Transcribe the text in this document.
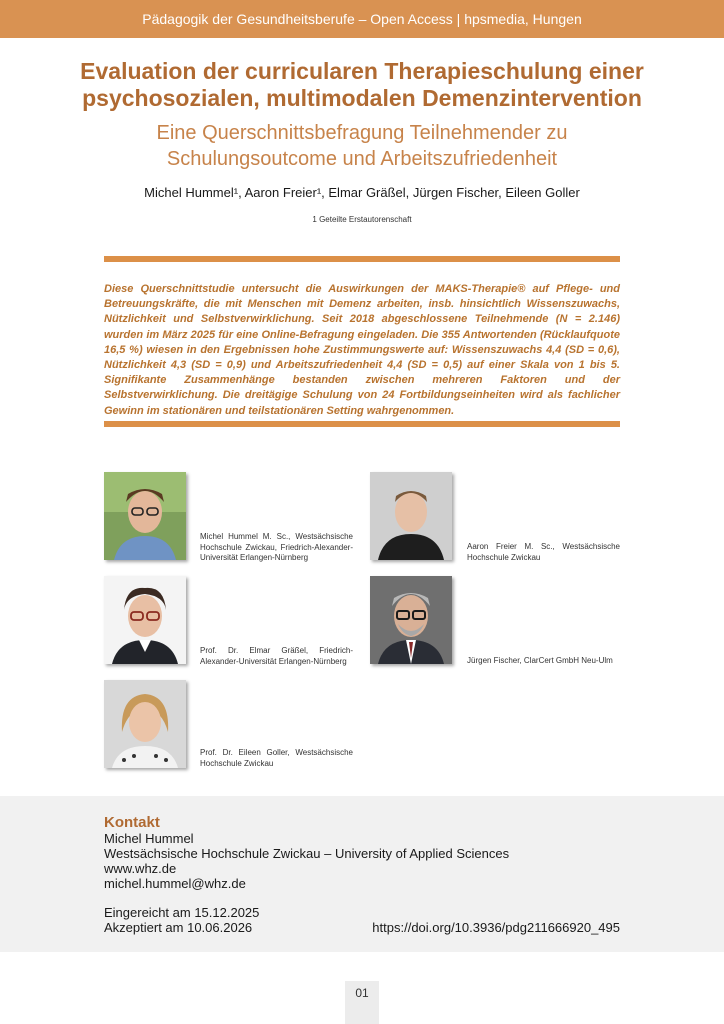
Pädagogik der Gesundheitsberufe – Open Access | hpsmedia, Hungen
Evaluation der curricularen Therapieschulung einer
psychosozialen, multimodalen Demenzintervention
Eine Querschnittsbefragung Teilnehmender zu
Schulungsoutcome und Arbeitszufriedenheit
Michel Hummel¹, Aaron Freier¹, Elmar Gräßel, Jürgen Fischer, Eileen Goller
1 Geteilte Erstautorenschaft
Diese Querschnittstudie untersucht die Auswirkungen der MAKS-Therapie® auf Pflege- und Betreuungskräfte, die mit Menschen mit Demenz arbeiten, insb. hinsichtlich Wissenszuwachs, Nützlichkeit und Selbstverwirklichung. Seit 2018 abgeschlossene Teilnehmende (N = 2.146) wurden im März 2025 für eine Online-Befragung eingeladen. Die 355 Antwortenden (Rücklaufquote 16,5 %) wiesen in den Ergebnissen hohe Zustimmungswerte auf: Wissenszuwachs 4,4 (SD = 0,6), Nützlichkeit 4,3 (SD = 0,9) und Arbeitszufriedenheit 4,4 (SD = 0,5) auf einer Skala von 1 bis 5. Signifikante Zusammenhänge bestanden zwischen mehreren Faktoren und der Selbstverwirklichung. Die dreitägige Schulung von 24 Fortbildungseinheiten wird als fachlicher Gewinn im stationären und teilstationären Setting wahrgenommen.
Michel Hummel M. Sc., Westsächsische Hochschule Zwickau, Friedrich-Alexander-Universität Erlangen-Nürnberg
Aaron Freier M. Sc., Westsächsische Hochschule Zwickau
Prof. Dr. Elmar Gräßel, Friedrich-Alexander-Universität Erlangen-Nürnberg	Jürgen Fischer, ClarCert GmbH Neu-Ulm
Prof. Dr. Eileen Goller, Westsächsische Hochschule Zwickau
Kontakt
Michel Hummel
Westsächsische Hochschule Zwickau – University of Applied Sciences
www.whz.de
michel.hummel@whz.de
Eingereicht am 15.12.2025
Akzeptiert am 10.06.2026	https://doi.org/10.3936/pdg211666920_495
01
